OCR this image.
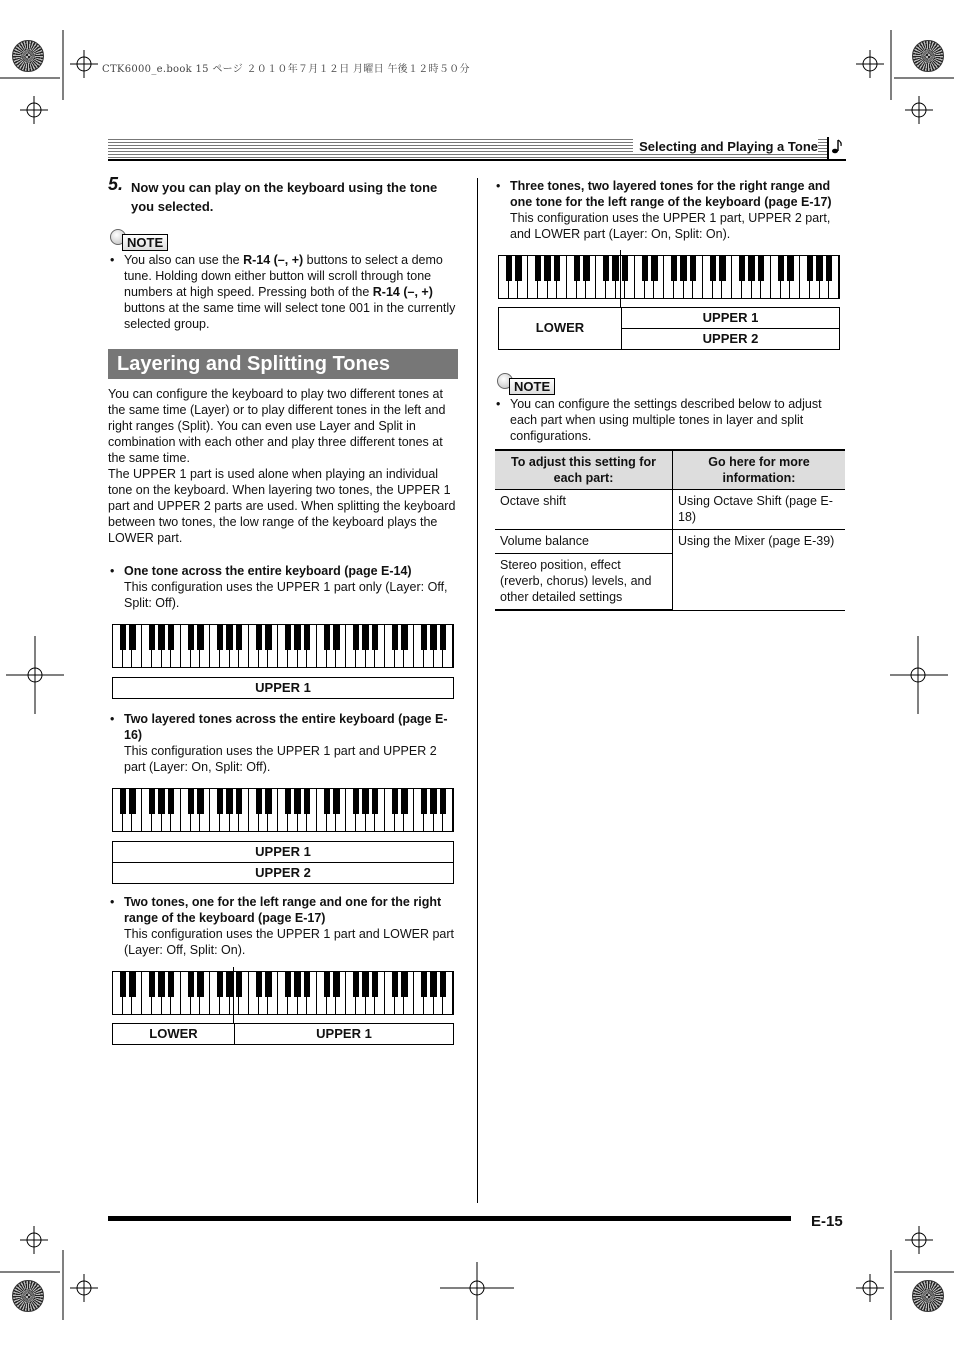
CTK6000_e.book 15 ページ ２０１０年７月１２日 月曜日 午後１２時５０分
Selecting and Playing a Tone
5. Now you can play on the keyboard using the tone you selected.
NOTE
• You also can use the R-14 (–, +) buttons to select a demo tune. Holding down either button will scroll through tone numbers at high speed. Pressing both of the R-14 (–, +) buttons at the same time will select tone 001 in the currently selected group.
Layering and Splitting Tones

You can configure the keyboard to play two different tones at the same time (Layer) or to play different tones in the left and right ranges (Split). You can even use Layer and Split in combination with each other and play three different tones at the same time.

The UPPER 1 part is used alone when playing an individual tone on the keyboard. When layering two tones, the UPPER 1 part and UPPER 2 parts are used. When splitting the keyboard between two tones, the low range of the keyboard plays the LOWER part.

• One tone across the entire keyboard (page E-14)
This configuration uses the UPPER 1 part only (Layer: Off, Split: Off).
UPPER 1
• Two layered tones across the entire keyboard (page E-16)
This configuration uses the UPPER 1 part and UPPER 2 part (Layer: On, Split: Off).
UPPER 1
UPPER 2
• Two tones, one for the left range and one for the right range of the keyboard (page E-17)
This configuration uses the UPPER 1 part and LOWER part (Layer: Off, Split: On).
LOWER	UPPER 1
• Three tones, two layered tones for the right range and one tone for the left range of the keyboard (page E-17)
This configuration uses the UPPER 1 part, UPPER 2 part, and LOWER part (Layer: On, Split: On).
LOWER
UPPER 1
UPPER 2
NOTE
• You can configure the settings described below to adjust each part when using multiple tones in layer and split configurations.
To adjust this setting for each part:	Go here for more information:
Octave shift	Using Octave Shift (page E-18)
Volume balance	Using the Mixer (page E-39)
Stereo position, effect (reverb, chorus) levels, and other detailed settings	
E-15
